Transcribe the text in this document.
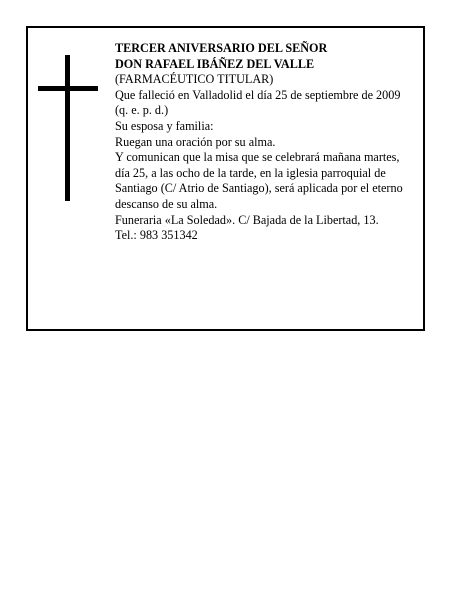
TERCER ANIVERSARIO DEL SEÑOR

DON RAFAEL IBÁÑEZ DEL VALLE

(FARMACÉUTICO TITULAR)

Que falleció en Valladolid el día 25 de septiembre de 2009

(q. e. p. d.)

Su esposa y familia:

Ruegan una oración por su alma.

Y comunican que la misa que se celebrará mañana martes, día 25, a las ocho de la tarde, en la iglesia parroquial de Santiago (C/ Atrio de Santiago), será aplicada por el eterno descanso de su alma.

Funeraria «La Soledad». C/ Bajada de la Libertad, 13.

Tel.: 983 351342
